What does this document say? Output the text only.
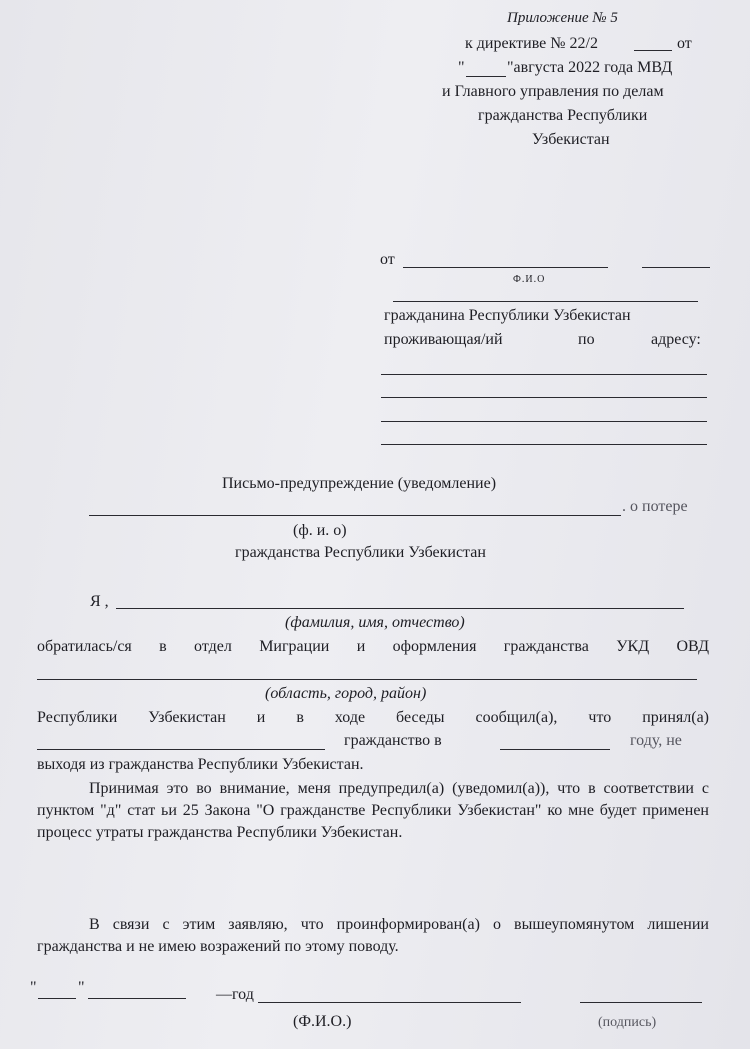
Приложение № 5
к директиве № 22/2	от
"	"августа 2022 года МВД
и Главного управления по делам
гражданства Республики
Узбекистан
от
Ф.И.О
гражданина Республики Узбекистан
проживающая/ий	по	адресу:
Письмо-предупреждение (уведомление)
. о потере
(ф. и. о)
гражданства Республики Узбекистан
Я ,
(фамилия, имя, отчество)
обратилась/ся в отдел Миграции и оформления гражданства УКД ОВД
(область, город, район)
Республики Узбекистан и в ходе беседы сообщил(а), что принял(а)
гражданство в	году, не
выходя из гражданства Республики Узбекистан.
Принимая это во внимание, меня предупредил(а) (уведомил(а)), что в соответствии с пунктом "д" стат ьи 25 Закона "О гражданстве Республики Узбекистан" ко мне будет применен процесс утраты гражданства Республики Узбекистан.
В связи с этим заявляю, что проинформирован(а) о вышеупомянутом лишении гражданства и не имею возражений по этому поводу.
"	"	—год
(Ф.И.О.)	(подпись)
